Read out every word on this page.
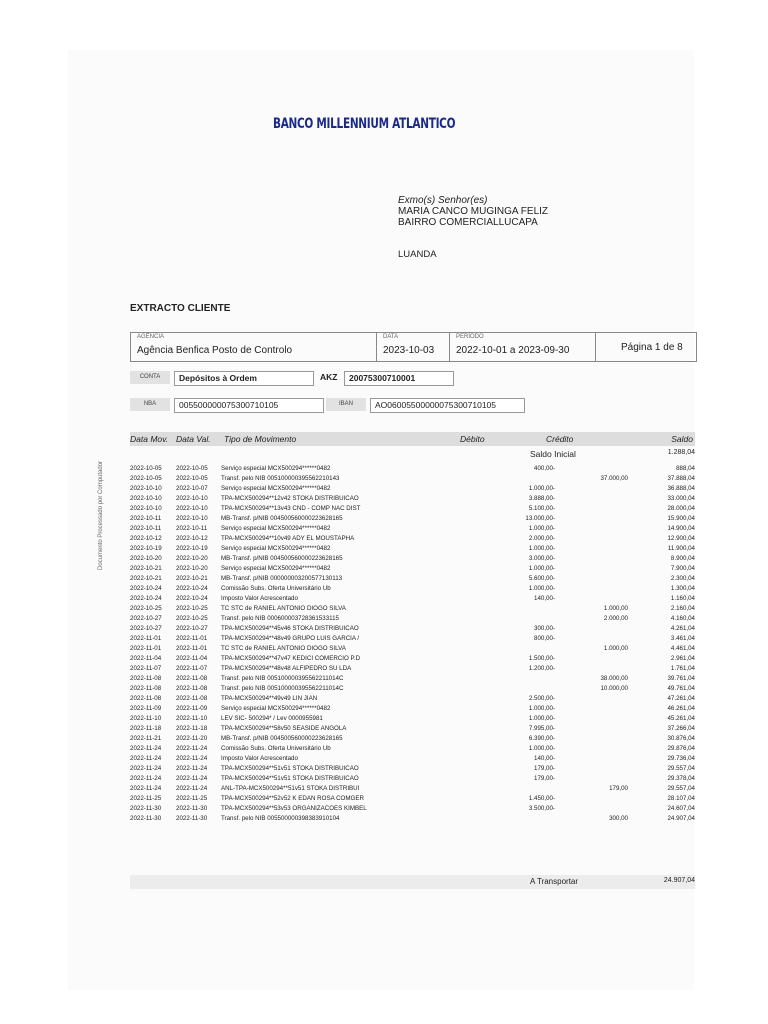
BANCO MILLENNIUM ATLANTICO
Exmo(s) Senhor(es)
MARIA CANCO MUGINGA FELIZ
BAIRRO COMERCIALLUCAPA
LUANDA
EXTRACTO CLIENTE
AGÊNCIA
Agência Benfica Posto de Controlo
DATA
2023-10-03
PERÍODO
2022-10-01 a 2023-09-30	Página 1 de 8
CONTA	Depósitos à Ordem	AKZ	20075300710001
NBA	005500000075300710105	IBAN	AO06005500000075300710105
Data Mov. Data Val. Tipo de Movimento	Débito	Crédito	Saldo
Saldo Inicial	1.288,04
2022-10-05 2022-10-05 Serviço especial MCX500294******0482	400,00-	888,04
2022-10-05 2022-10-05 Transf. pelo NIB 005100000395562210143	37.000,00	37.888,04
2022-10-10 2022-10-07 Serviço especial MCX500294******0482	1.000,00-	36.888,04
2022-10-10 2022-10-10 TPA-MCX500294**12v42 STOKA DISTRIBUICAO	3.888,00-	33.000,04
2022-10-10 2022-10-10 TPA-MCX500294**13v43 CND - COMP NAC DIST	5.100,00-	28.000,04
2022-10-11 2022-10-10 MB-Transf. p/NIB 004500560000223628165	13.000,00-	15.900,04
2022-10-11 2022-10-11 Serviço especial MCX500294******0482	1.000,00-	14.900,04
2022-10-12 2022-10-12 TPA-MCX500294**10v49 ADY EL MOUSTAPHA	2.000,00-	12.900,04
2022-10-19 2022-10-19 Serviço especial MCX500294******0482	1.000,00-	11.900,04
2022-10-20 2022-10-20 MB-Transf. p/NIB 004500560000223628165	3.000,00-	8.900,04
2022-10-21 2022-10-20 Serviço especial MCX500294******0482	1.000,00-	7.900,04
2022-10-21 2022-10-21 MB-Transf. p/NIB 000000003200577130113	5.600,00-	2.300,04
2022-10-24 2022-10-24 Comissão Subs. Oferta Universitário Ub	1.000,00-	1.300,04
2022-10-24 2022-10-24 Imposto Valor Acrescentado	140,00-	1.160,04
2022-10-25 2022-10-25 TC STC de RANIEL ANTONIO DIOGO SILVA	1.000,00	2.160,04
2022-10-27 2022-10-25 Transf. pelo NIB 000600003728361533115	2.000,00	4.160,04
2022-10-27 2022-10-27 TPA-MCX500294**45v46 STOKA DISTRIBUICAO	300,00-	4.261,04
2022-11-01 2022-11-01 TPA-MCX500294**48v49 GRUPO LUIS GARCIA /	800,00-	3.461,04
2022-11-01 2022-11-01 TC STC de RANIEL ANTONIO DIOGO SILVA	1.000,00	4.461,04
2022-11-04 2022-11-04 TPA-MCX500294**47v47 KEDICI COMERCIO P.D	1.500,00-	2.961,04
2022-11-07 2022-11-07 TPA-MCX500294**48v48 ALFIPEDRO SU LDA	1.200,00-	1.761,04
2022-11-08 2022-11-08 Transf. pelo NIB 005100000395562211014C	38.000,00	39.761,04
2022-11-08 2022-11-08 Transf. pelo NIB 005100000395562211014C	10.000,00	49.761,04
2022-11-08 2022-11-08 TPA-MCX500294**49v49 LIN JIAN	2.500,00-	47.261,04
2022-11-09 2022-11-09 Serviço especial MCX500294******0482	1.000,00-	46.261,04
2022-11-10 2022-11-10 LEV SIC- 500294* / Lev 0000955981	1.000,00-	45.261,04
2022-11-18 2022-11-18 TPA-MCX500294**58v50 SEASIDE ANGOLA	7.995,00-	37.266,04
2022-11-21 2022-11-20 MB-Transf. p/NIB 004500560000223628165	6.390,00-	30.876,04
2022-11-24 2022-11-24 Comissão Subs. Oferta Universitário Ub	1.000,00-	29.876,04
2022-11-24 2022-11-24 Imposto Valor Acrescentado	140,00-	29.736,04
2022-11-24 2022-11-24 TPA-MCX500294**51v51 STOKA DISTRIBUICAO	179,00-	29.557,04
2022-11-24 2022-11-24 TPA-MCX500294**51v51 STOKA DISTRIBUICAO	179,00-	29.378,04
2022-11-24 2022-11-24 ANL-TPA-MCX500294**51v51 STOKA DISTRIBUI	179,00	29.557,04
2022-11-25 2022-11-25 TPA-MCX500294**52v52 K EDAN ROSA COMGER	1.450,00-	28.107,04
2022-11-30 2022-11-30 TPA-MCX500294**53v53 ORGANIZACOES KIMBEL	3.500,00-	24.607,04
2022-11-30 2022-11-30 Transf. pelo NIB 005500000398383910104	300,00	24.907,04
A Transportar	24.907,04
Documento Processado por Computador
